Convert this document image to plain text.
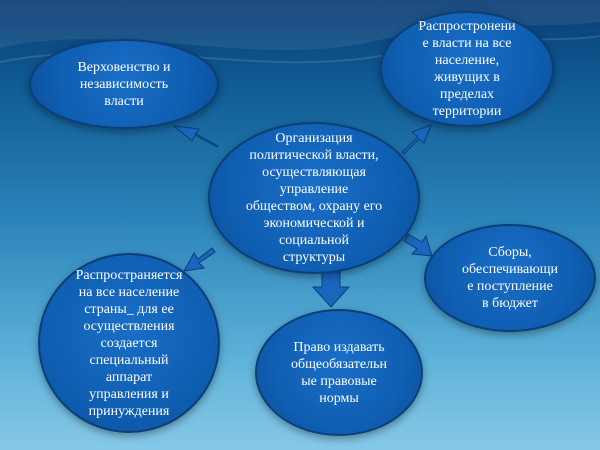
Организация
политической власти,
осуществляющая
управление
обществом, охрану его
экономической и
социальной
структуры
Верховенство и
независимость
власти
Распростронени
е власти на все
население,
живущих в
пределах
территории
Сборы,
обеспечивающи
е поступление
в бюджет
Распространяется
на все население
страны_ для ее
осуществления
создается
специальный
аппарат
управления и
принуждения
Право издавать
общеобязательн
ые правовые
нормы
